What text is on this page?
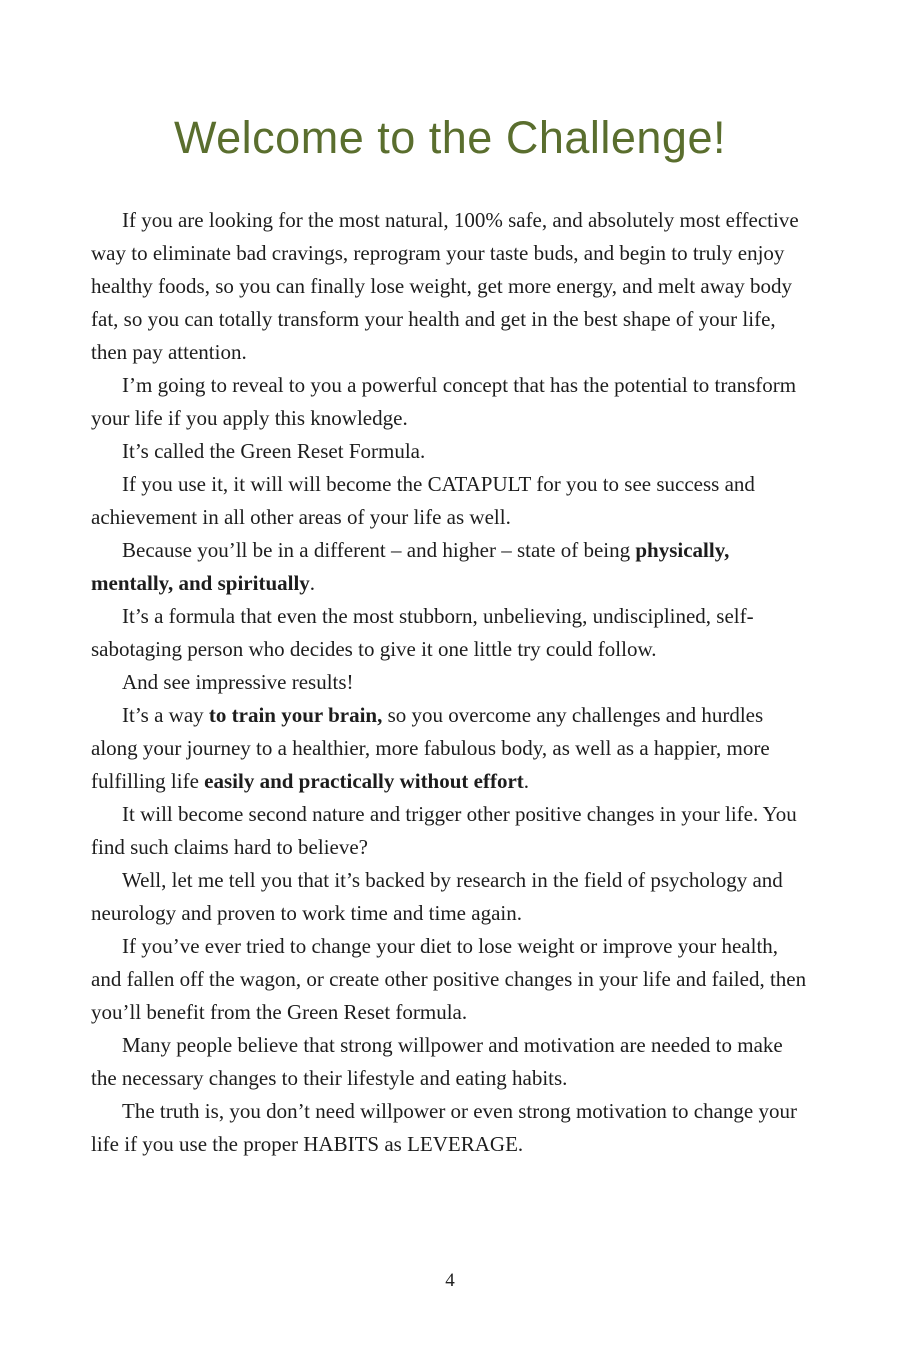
Welcome to the Challenge!

If you are looking for the most natural, 100% safe, and absolutely most effective way to eliminate bad cravings, reprogram your taste buds, and begin to truly enjoy healthy foods, so you can finally lose weight, get more energy, and melt away body fat, so you can totally transform your health and get in the best shape of your life, then pay attention.

I’m going to reveal to you a powerful concept that has the potential to transform your life if you apply this knowledge.

It’s called the Green Reset Formula.

If you use it, it will will become the CATAPULT for you to see success and achievement in all other areas of your life as well.

Because you’ll be in a different – and higher – state of being physically, mentally, and spiritually.

It’s a formula that even the most stubborn, unbelieving, undisciplined, self-sabotaging person who decides to give it one little try could follow.

And see impressive results!

It’s a way to train your brain, so you overcome any challenges and hurdles along your journey to a healthier, more fabulous body, as well as a happier, more fulfilling life easily and practically without effort.

It will become second nature and trigger other positive changes in your life. You find such claims hard to believe?

Well, let me tell you that it’s backed by research in the field of psychology and neurology and proven to work time and time again.

If you’ve ever tried to change your diet to lose weight or improve your health, and fallen off the wagon, or create other positive changes in your life and failed, then you’ll benefit from the Green Reset formula.

Many people believe that strong willpower and motivation are needed to make the necessary changes to their lifestyle and eating habits.

The truth is, you don’t need willpower or even strong motivation to change your life if you use the proper HABITS as LEVERAGE.

4
